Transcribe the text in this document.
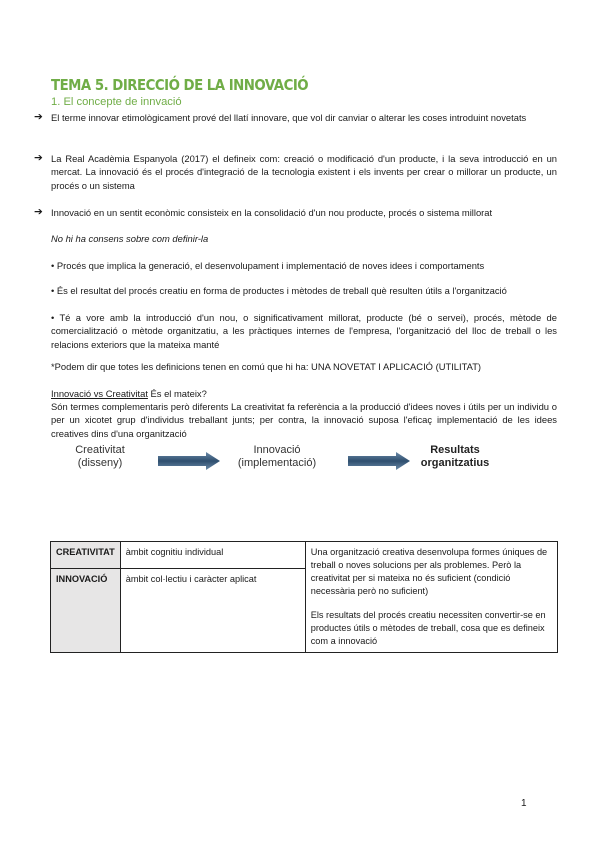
TEMA 5. DIRECCIÓ DE LA INNOVACIÓ
1. El concepte de innvació
➔ El terme innovar etimològicament prové del llatí innovare, que vol dir canviar o alterar les coses introduint novetats
➔ La Real Acadèmia Espanyola (2017) el defineix com: creació o modificació d'un producte, i la seva introducció en un mercat. La innovació és el procés d'integració de la tecnologia existent i els invents per crear o millorar un producte, un procés o un sistema
➔ Innovació en un sentit econòmic consisteix en la consolidació d'un nou producte, procés o sistema millorat
No hi ha consens sobre com definir-la
• Procés que implica la generació, el desenvolupament i implementació de noves idees i comportaments
• És el resultat del procés creatiu en forma de productes i mètodes de treball què resulten útils a l'organització
• Té a vore amb la introducció d'un nou, o significativament millorat, producte (bé o servei), procés, mètode de comercialització o mètode organitzatiu, a les pràctiques internes de l'empresa, l'organització del lloc de treball o les relacions exteriors que la mateixa manté
*Podem dir que totes les definicions tenen en comú que hi ha: UNA NOVETAT I APLICACIÓ (UTILITAT)
Innovació vs Creativitat És el mateix?
Són termes complementaris però diferents La creativitat fa referència a la producció d'idees noves i útils per un individu o per un xicotet grup d'individus treballant junts; per contra, la innovació suposa l'eficaç implementació de les idees creatives dins d'una organització
Creativitat
(disseny)
Innovació
(implementació)
Resultats
organitzatius
CREATIVITAT	àmbit cognitiu individual	Una organització creativa desenvolupa formes úniques de treball o noves solucions per als problemes. Però la creativitat per si mateixa no és suficient (condició necessària però no suficient)
Els resultats del procés creatiu necessiten convertir-se en productes útils o mètodes de treball, cosa que es defineix com a innovació

INNOVACIÓ	àmbit col·lectiu i caràcter aplicat	
1
